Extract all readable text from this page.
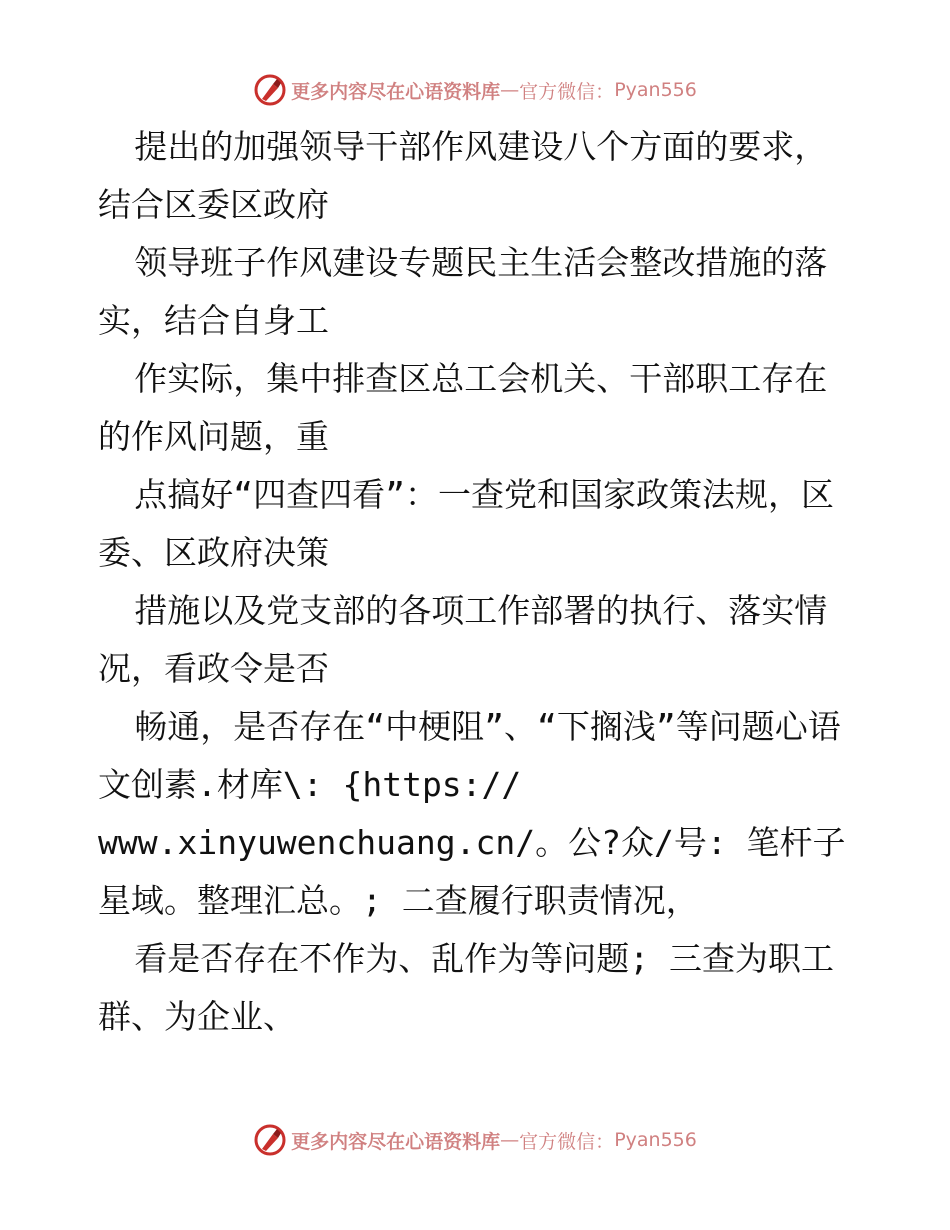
更多内容尽在心语资料库 — 官方微信： Pyan556

提出的加强领导干部作风建设八个方面的要求，结合区委区政府

领导班子作风建设专题民主生活会整改措施的落实，结合自身工

作实际，集中排查区总工会机关、干部职工存在的作风问题，重

点搞好“四查四看”：一查党和国家政策法规，区委、区政府决策

措施以及党支部的各项工作部署的执行、落实情况，看政令是否

畅通，是否存在“中梗阻”、“下搁浅”等问题心语文创素.材库\: {https://

www.xinyuwenchuang.cn/。公?众/号: 笔杆子星域。整理汇总。; 二查履行职责情况，

看是否存在不作为、乱作为等问题; 三查为职工群、为企业、

更多内容尽在心语资料库 — 官方微信： Pyan556
